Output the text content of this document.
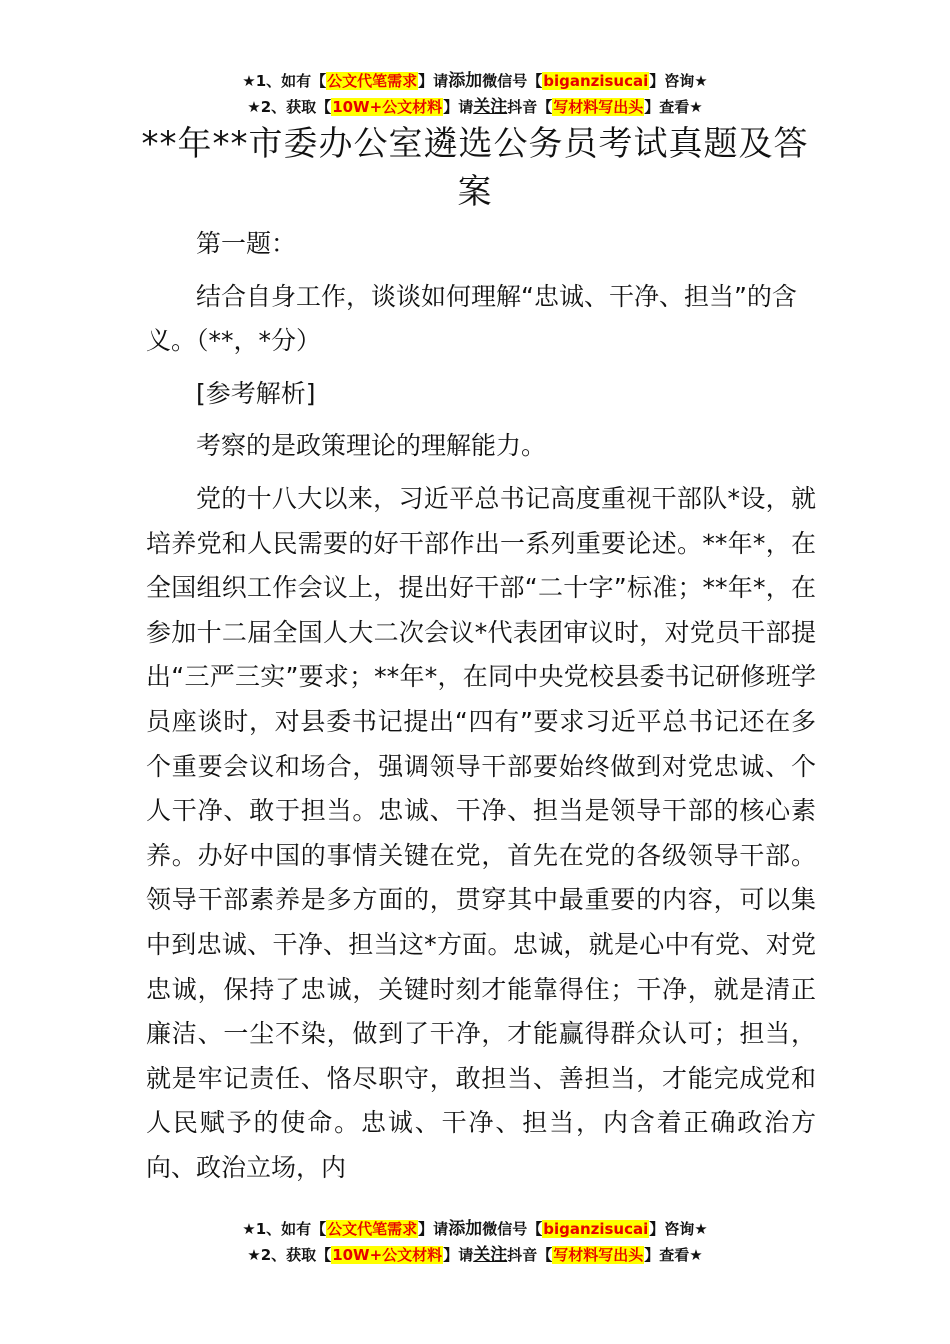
★1、如有【公文代笔需求】请添加微信号【biganzisucai】咨询★
★2、获取【10W+公文材料】请关注抖音【写材料写出头】查看★
**年**市委办公室遴选公务员考试真题及答案

第一题：

结合自身工作，谈谈如何理解“忠诚、干净、担当”的含义。（**，*分）

[参考解析]

考察的是政策理论的理解能力。

党的十八大以来，习近平总书记高度重视干部队*设，就培养党和人民需要的好干部作出一系列重要论述。**年*，在全国组织工作会议上，提出好干部“二十字”标准；**年*，在参加十二届全国人大二次会议*代表团审议时，对党员干部提出“三严三实”要求；**年*，在同中央党校县委书记研修班学员座谈时，对县委书记提出“四有”要求习近平总书记还在多个重要会议和场合，强调领导干部要始终做到对党忠诚、个人干净、敢于担当。忠诚、干净、担当是领导干部的核心素养。办好中国的事情关键在党，首先在党的各级领导干部。领导干部素养是多方面的，贯穿其中最重要的内容，可以集中到忠诚、干净、担当这*方面。忠诚，就是心中有党、对党忠诚，保持了忠诚，关键时刻才能靠得住；干净，就是清正廉洁、一尘不染，做到了干净，才能赢得群众认可；担当，就是牢记责任、恪尽职守，敢担当、善担当，才能完成党和人民赋予的使命。忠诚、干净、担当，内含着正确政治方向、政治立场，内

★1、如有【公文代笔需求】请添加微信号【biganzisucai】咨询★
★2、获取【10W+公文材料】请关注抖音【写材料写出头】查看★
